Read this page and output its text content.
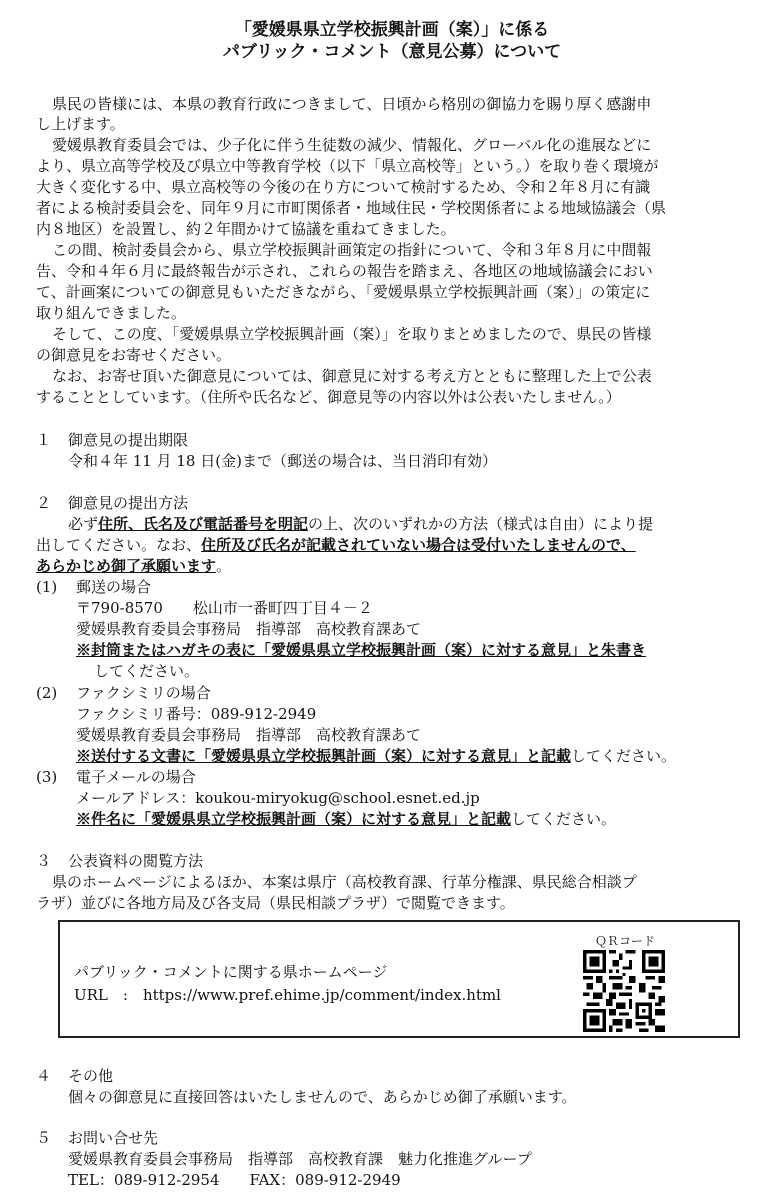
「愛媛県県立学校振興計画（案）」に係る
パブリック・コメント（意見公募）について
県民の皆様には、本県の教育行政につきまして、日頃から格別の御協力を賜り厚く感謝申
し上げます。
愛媛県教育委員会では、少子化に伴う生徒数の減少、情報化、グローバル化の進展などに
より、県立高等学校及び県立中等教育学校（以下「県立高校等」という。）を取り巻く環境が
大きく変化する中、県立高校等の今後の在り方について検討するため、令和２年８月に有識
者による検討委員会を、同年９月に市町関係者・地域住民・学校関係者による地域協議会（県
内８地区）を設置し、約２年間かけて協議を重ねてきました。
この間、検討委員会から、県立学校振興計画策定の指針について、令和３年８月に中間報
告、令和４年６月に最終報告が示され、これらの報告を踏まえ、各地区の地域協議会におい
て、計画案についての御意見もいただきながら、「愛媛県県立学校振興計画（案）」の策定に
取り組んできました。
そして、この度、「愛媛県県立学校振興計画（案）」を取りまとめましたので、県民の皆様
の御意見をお寄せください。
なお、お寄せ頂いた御意見については、御意見に対する考え方とともに整理した上で公表
することとしています。（住所や氏名など、御意見等の内容以外は公表いたしません。）
１ 御意見の提出期限
令和４年 11 月 18 日(金)まで（郵送の場合は、当日消印有効）
２ 御意見の提出方法
必ず住所、氏名及び電話番号を明記の上、次のいずれかの方法（様式は自由）により提
出してください。なお、住所及び氏名が記載されていない場合は受付いたしませんので、
あらかじめ御了承願います。
(1) 郵送の場合
〒790-8570　　松山市一番町四丁目４－２
愛媛県教育委員会事務局　指導部　高校教育課あて
※封筒またはハガキの表に「愛媛県県立学校振興計画（案）に対する意見」と朱書き
してください。
(2) ファクシミリの場合
ファクシミリ番号：089-912-2949
愛媛県教育委員会事務局　指導部　高校教育課あて
※送付する文書に「愛媛県県立学校振興計画（案）に対する意見」と記載してください。
(3) 電子メールの場合
メールアドレス：koukou-miryokug@school.esnet.ed.jp
※件名に「愛媛県県立学校振興計画（案）に対する意見」と記載してください。
３ 公表資料の閲覧方法
県のホームページによるほか、本案は県庁（高校教育課、行革分権課、県民総合相談プ
ラザ）並びに各地方局及び各支局（県民相談プラザ）で閲覧できます。
パブリック・コメントに関する県ホームページ
URL　:　https://www.pref.ehime.jp/comment/index.html
ＱＲコード
４ その他
個々の御意見に直接回答はいたしませんので、あらかじめ御了承願います。
５ お問い合せ先
愛媛県教育委員会事務局　指導部　高校教育課　魅力化推進グループ
TEL：089-912-2954　　FAX：089-912-2949
